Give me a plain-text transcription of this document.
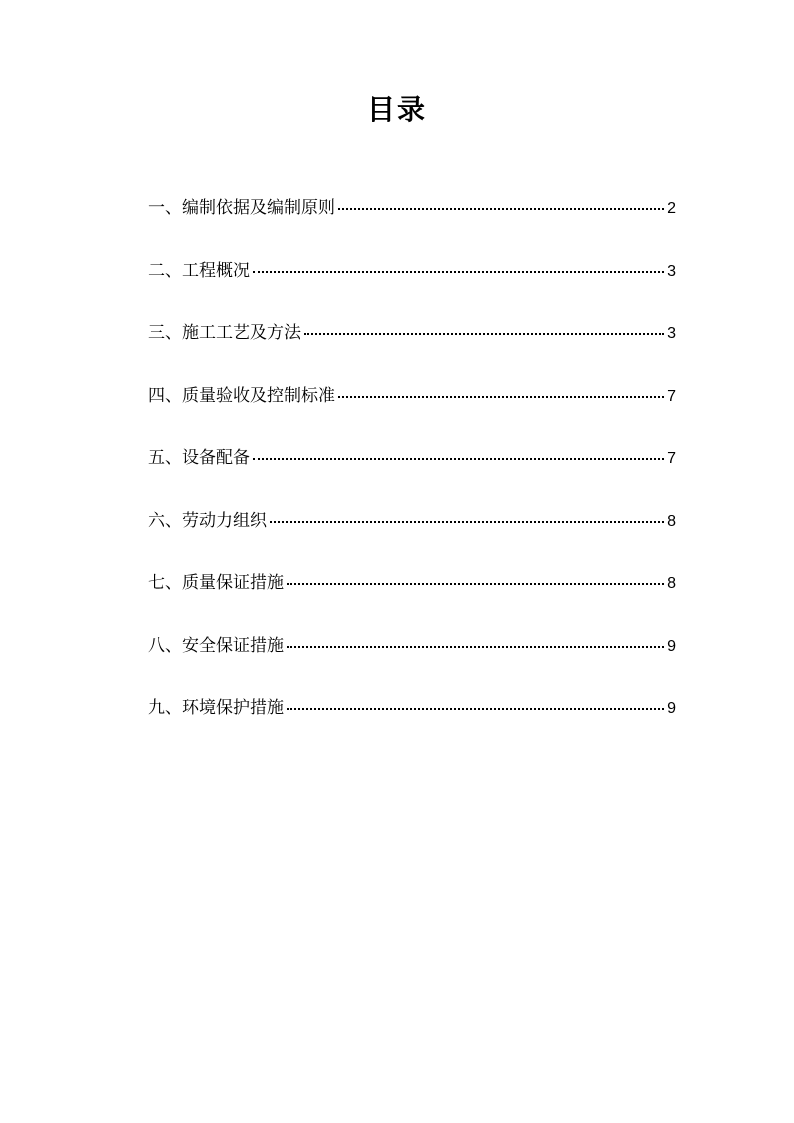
目录
一、编制依据及编制原则	2
二、工程概况	3
三、施工工艺及方法	3
四、质量验收及控制标准	7
五、设备配备	7
六、劳动力组织	8
七、质量保证措施	8
八、安全保证措施	9
九、环境保护措施	9
